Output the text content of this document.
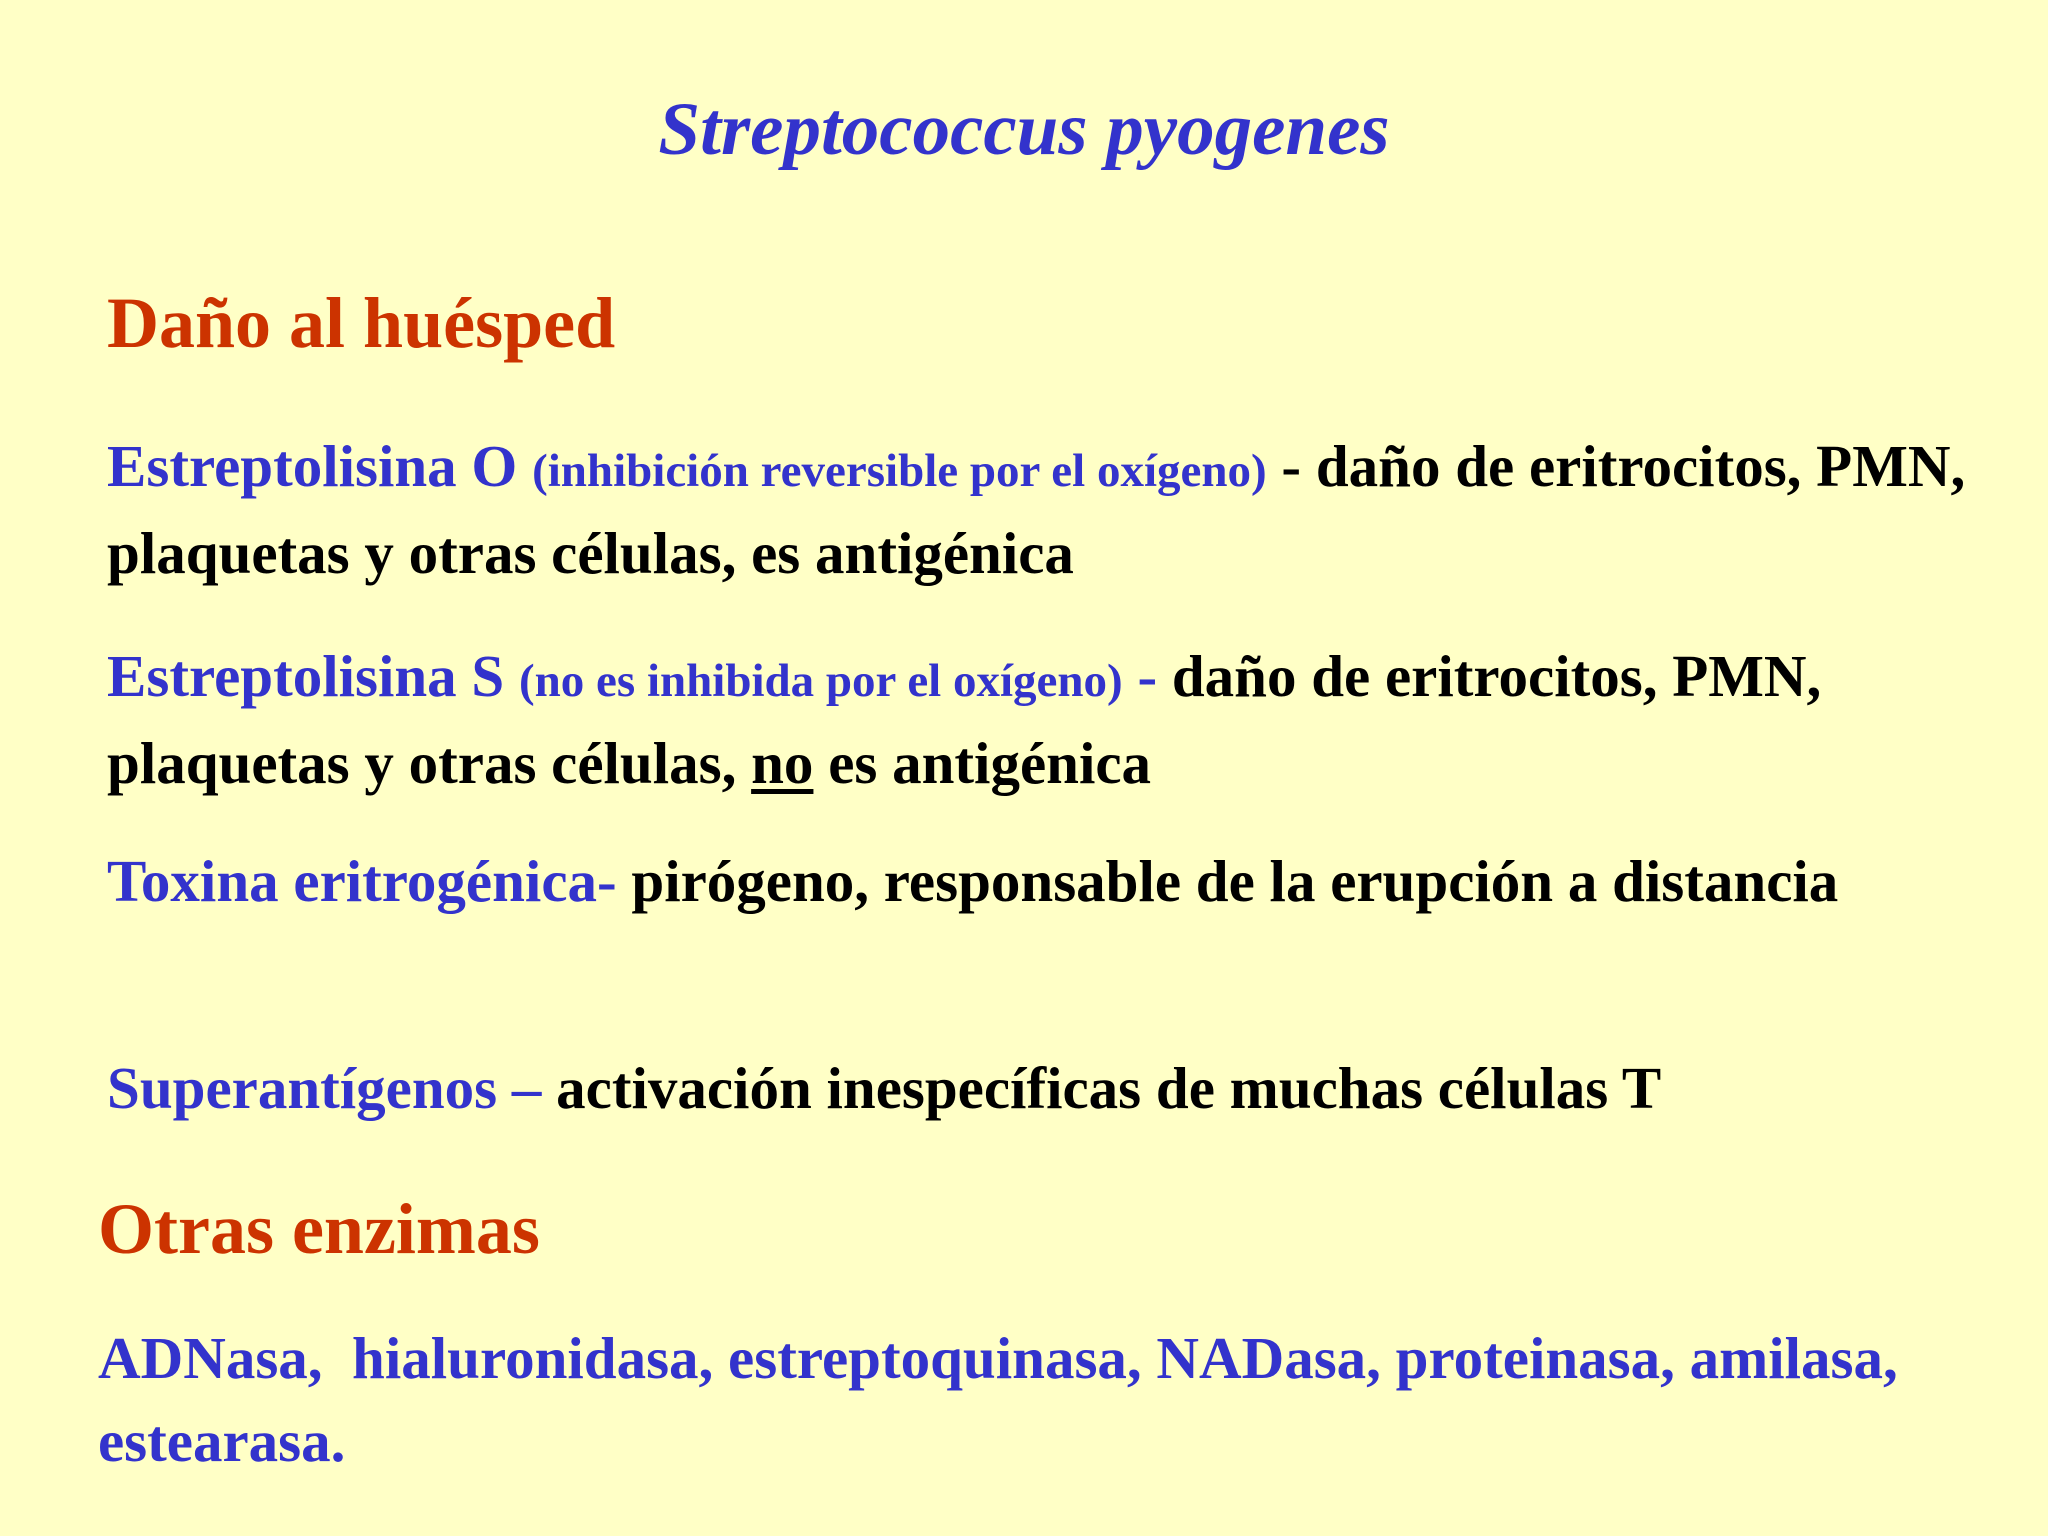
Streptococcus pyogenes
Daño al huésped
Estreptolisina O (inhibición reversible por el oxígeno) - daño de eritrocitos, PMN, plaquetas y otras células, es antigénica
Estreptolisina S (no es inhibida por el oxígeno) - daño de eritrocitos, PMN, plaquetas y otras células, no es antigénica
Toxina eritrogénica- pirógeno, responsable de la erupción a distancia
Superantígenos – activación inespecíficas de muchas células T
Otras enzimas
ADNasa,  hialuronidasa, estreptoquinasa, NADasa, proteinasa, amilasa, estearasa.
